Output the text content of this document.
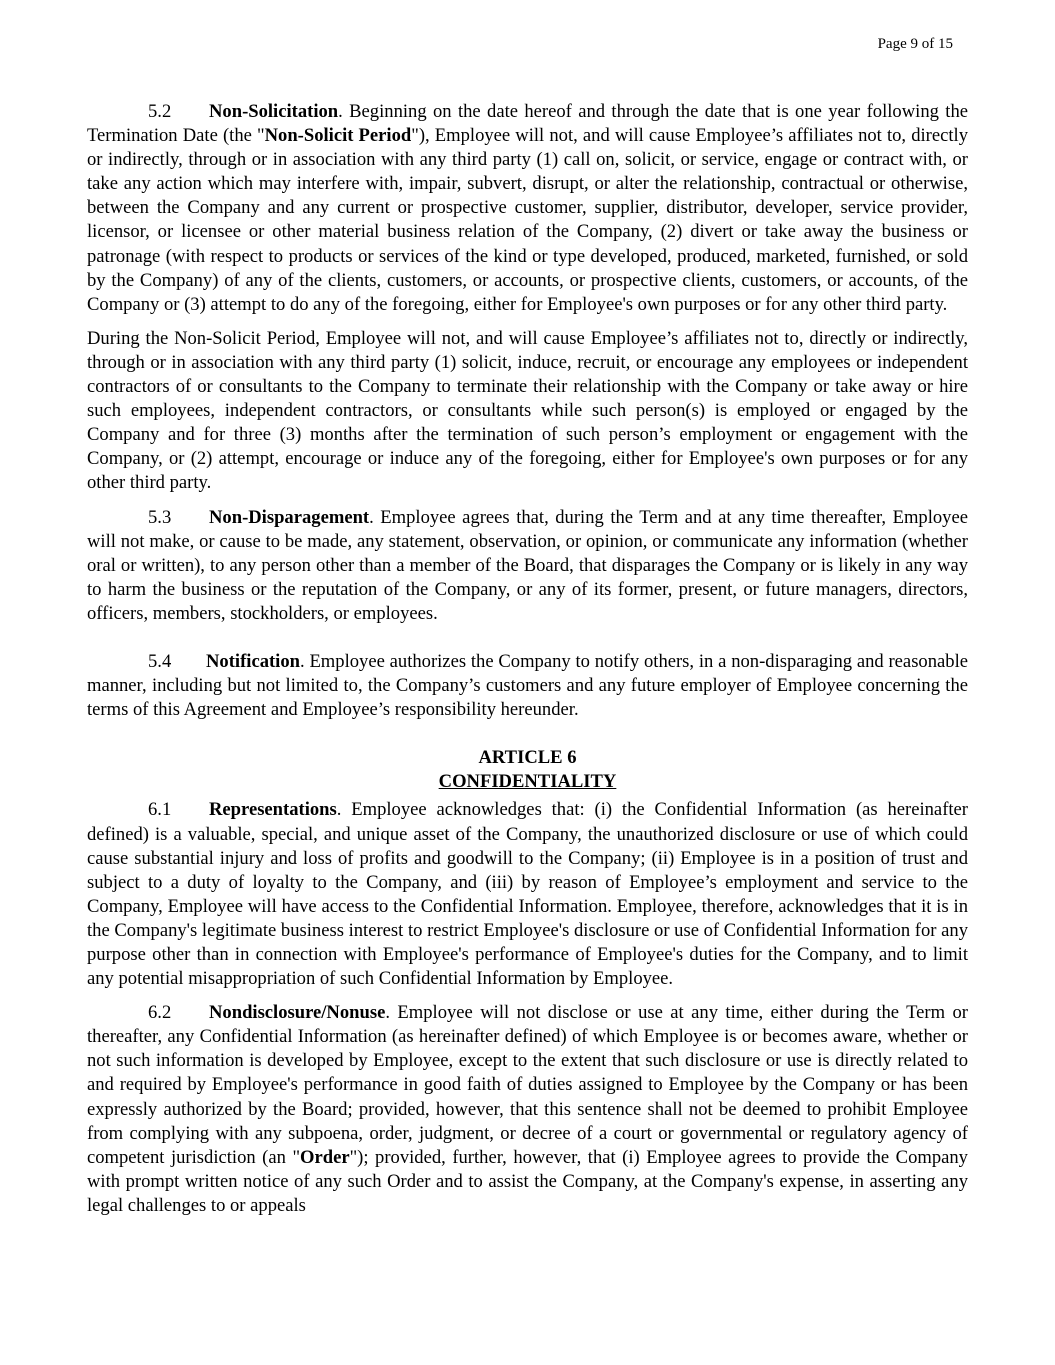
Page 9 of 15

5.2 Non-Solicitation. Beginning on the date hereof and through the date that is one year following the Termination Date (the "Non-Solicit Period"), Employee will not, and will cause Employee’s affiliates not to, directly or indirectly, through or in association with any third party (1) call on, solicit, or service, engage or contract with, or take any action which may interfere with, impair, subvert, disrupt, or alter the relationship, contractual or otherwise, between the Company and any current or prospective customer, supplier, distributor, developer, service provider, licensor, or licensee or other material business relation of the Company, (2) divert or take away the business or patronage (with respect to products or services of the kind or type developed, produced, marketed, furnished, or sold by the Company) of any of the clients, customers, or accounts, or prospective clients, customers, or accounts, of the Company or (3) attempt to do any of the foregoing, either for Employee's own purposes or for any other third party.

During the Non-Solicit Period, Employee will not, and will cause Employee’s affiliates not to, directly or indirectly, through or in association with any third party (1) solicit, induce, recruit, or encourage any employees or independent contractors of or consultants to the Company to terminate their relationship with the Company or take away or hire such employees, independent contractors, or consultants while such person(s) is employed or engaged by the Company and for three (3) months after the termination of such person’s employment or engagement with the Company, or (2) attempt, encourage or induce any of the foregoing, either for Employee's own purposes or for any other third party.

5.3 Non-Disparagement. Employee agrees that, during the Term and at any time thereafter, Employee will not make, or cause to be made, any statement, observation, or opinion, or communicate any information (whether oral or written), to any person other than a member of the Board, that disparages the Company or is likely in any way to harm the business or the reputation of the Company, or any of its former, present, or future managers, directors, officers, members, stockholders, or employees.

5.4 Notification. Employee authorizes the Company to notify others, in a non-disparaging and reasonable manner, including but not limited to, the Company’s customers and any future employer of Employee concerning the terms of this Agreement and Employee’s responsibility hereunder.

ARTICLE 6
CONFIDENTIALITY

6.1 Representations. Employee acknowledges that: (i) the Confidential Information (as hereinafter defined) is a valuable, special, and unique asset of the Company, the unauthorized disclosure or use of which could cause substantial injury and loss of profits and goodwill to the Company; (ii) Employee is in a position of trust and subject to a duty of loyalty to the Company, and (iii) by reason of Employee’s employment and service to the Company, Employee will have access to the Confidential Information. Employee, therefore, acknowledges that it is in the Company's legitimate business interest to restrict Employee's disclosure or use of Confidential Information for any purpose other than in connection with Employee's performance of Employee's duties for the Company, and to limit any potential misappropriation of such Confidential Information by Employee.

6.2 Nondisclosure/Nonuse. Employee will not disclose or use at any time, either during the Term or thereafter, any Confidential Information (as hereinafter defined) of which Employee is or becomes aware, whether or not such information is developed by Employee, except to the extent that such disclosure or use is directly related to and required by Employee's performance in good faith of duties assigned to Employee by the Company or has been expressly authorized by the Board; provided, however, that this sentence shall not be deemed to prohibit Employee from complying with any subpoena, order, judgment, or decree of a court or governmental or regulatory agency of competent jurisdiction (an "Order"); provided, further, however, that (i) Employee agrees to provide the Company with prompt written notice of any such Order and to assist the Company, at the Company's expense, in asserting any legal challenges to or appeals
